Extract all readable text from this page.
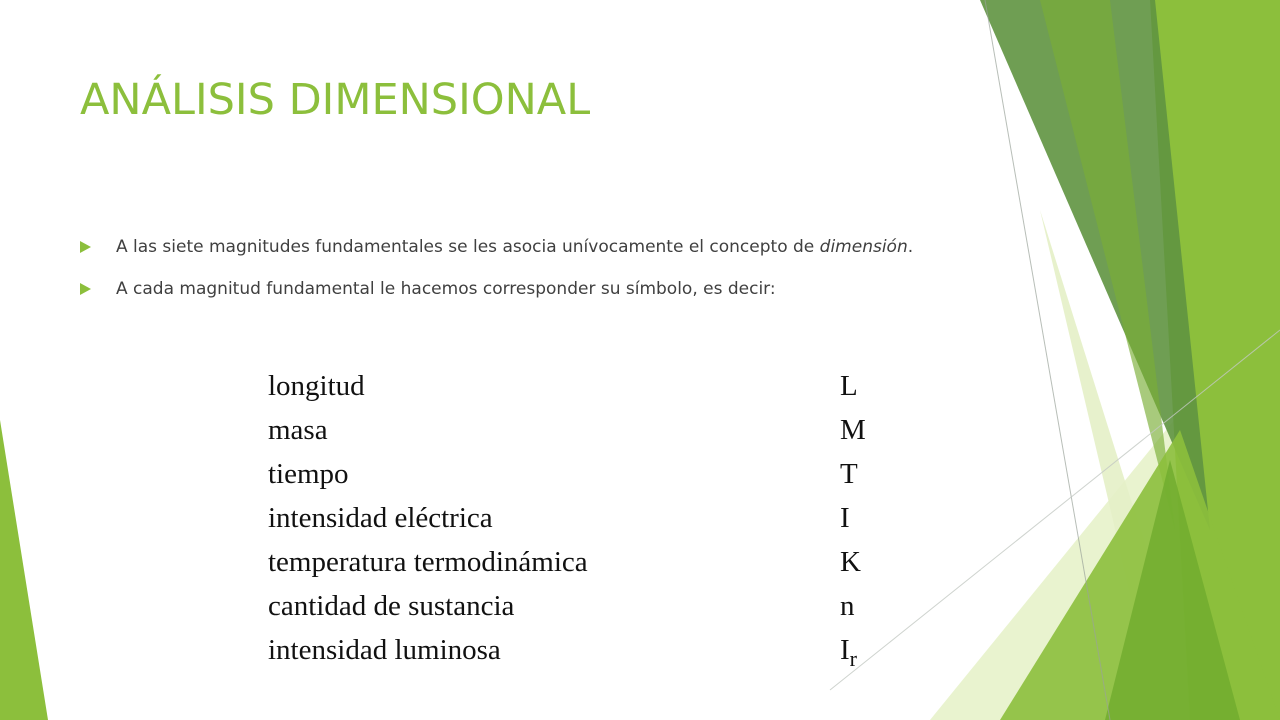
ANÁLISIS DIMENSIONAL
A las siete magnitudes fundamentales se les asocia unívocamente el concepto de dimensión.
A cada magnitud fundamental le hacemos corresponder su símbolo, es decir:
longitud	L
masa	M
tiempo	T
intensidad eléctrica	I
temperatura termodinámica	K
cantidad de sustancia	n
intensidad luminosa	$I_r$
